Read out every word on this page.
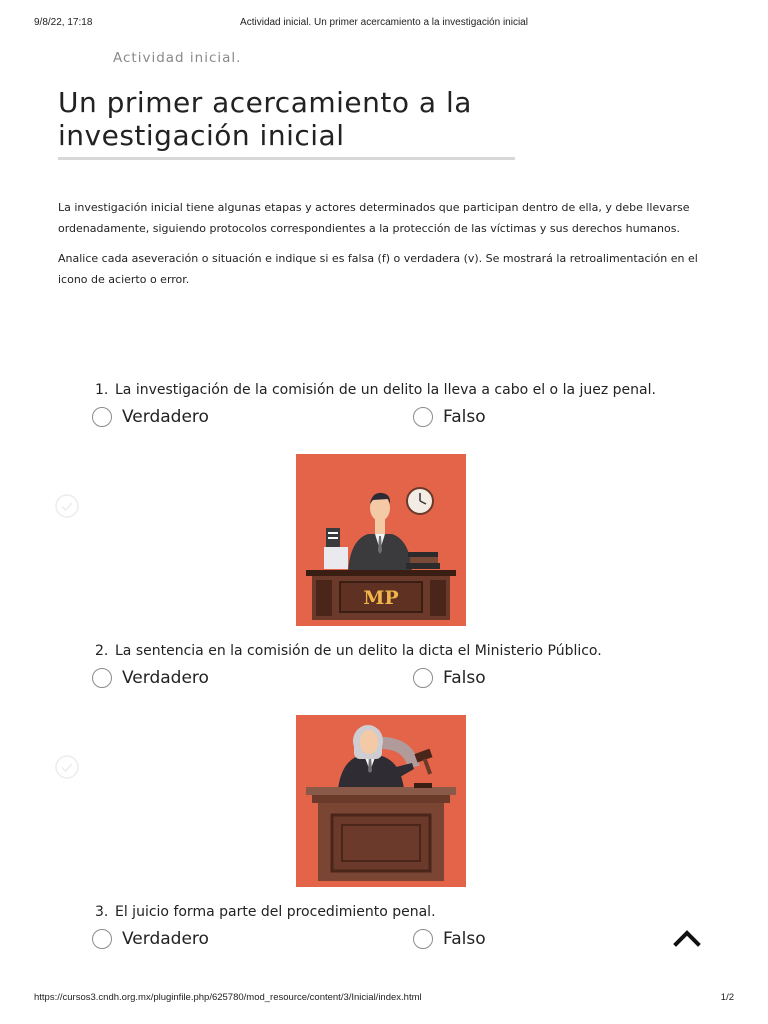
9/8/22, 17:18	Actividad inicial. Un primer acercamiento a la investigación inicial
Actividad inicial.
Un primer acercamiento a la
investigación inicial

La investigación inicial tiene algunas etapas y actores determinados que participan dentro de ella, y debe llevarse ordenadamente, siguiendo protocolos correspondientes a la protección de las víctimas y sus derechos humanos.

Analice cada aseveración o situación e indique si es falsa (f) o verdadera (v). Se mostrará la retroalimentación en el icono de acierto o error.

1. La investigación de la comisión de un delito la lleva a cabo el o la juez penal.
Verdadero	Falso
MP
2. La sentencia en la comisión de un delito la dicta el Ministerio Público.
Verdadero	Falso
3. El juicio forma parte del procedimiento penal.
Verdadero	Falso
https://cursos3.cndh.org.mx/pluginfile.php/625780/mod_resource/content/3/Inicial/index.html	1/2
